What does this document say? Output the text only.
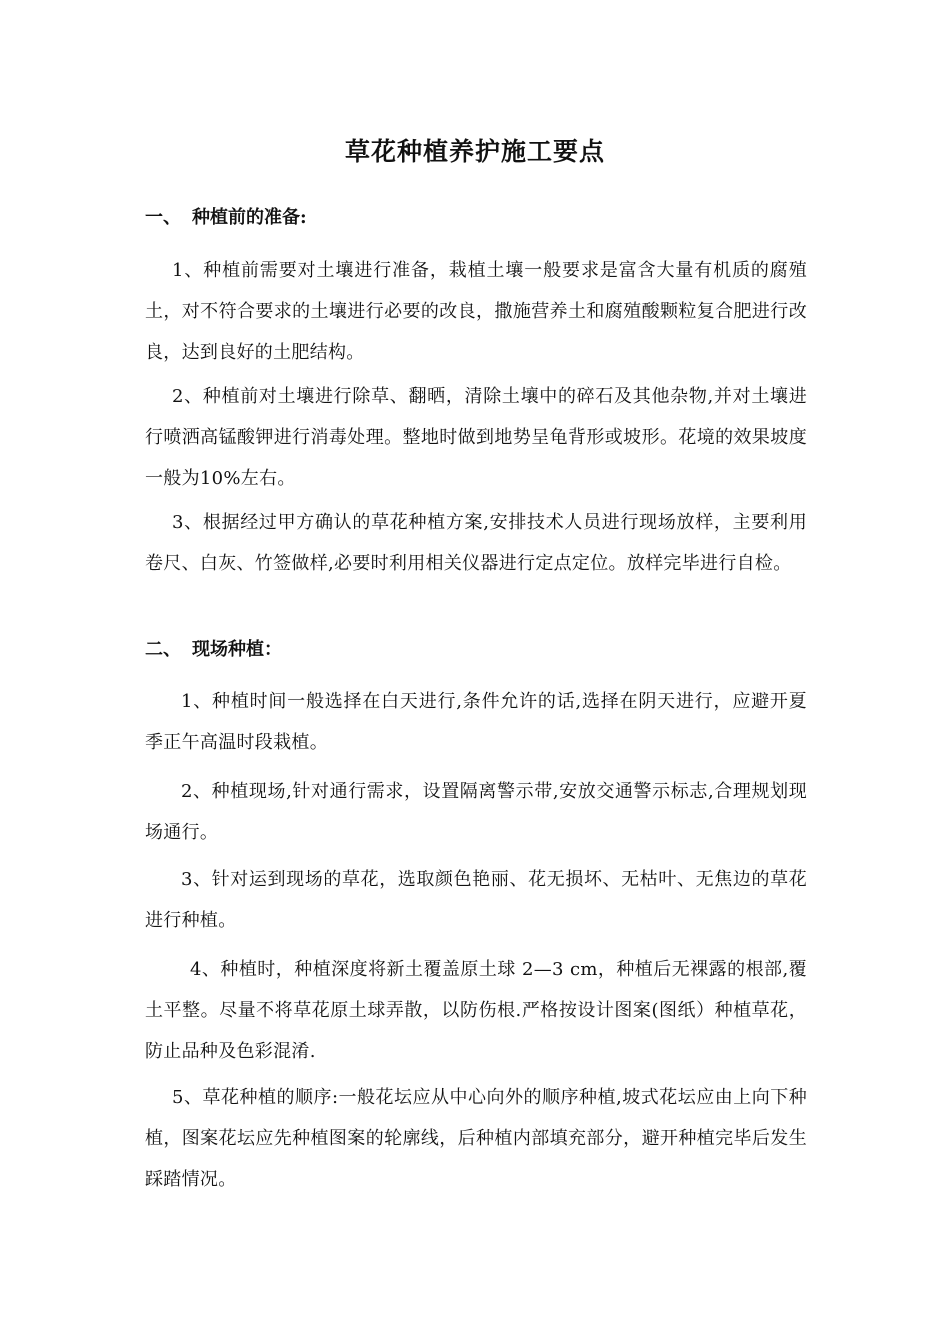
草花种植养护施工要点
一、 种植前的准备:

1、种植前需要对土壤进行准备，栽植土壤一般要求是富含大量有机质的腐殖土，对不符合要求的土壤进行必要的改良，撒施营养土和腐殖酸颗粒复合肥进行改良，达到良好的土肥结构。

2、种植前对土壤进行除草、翻晒，清除土壤中的碎石及其他杂物,并对土壤进行喷洒高锰酸钾进行消毒处理。整地时做到地势呈龟背形或坡形。花境的效果坡度一般为10%左右。

3、根据经过甲方确认的草花种植方案,安排技术人员进行现场放样，主要利用卷尺、白灰、竹签做样,必要时利用相关仪器进行定点定位。放样完毕进行自检。

二、 现场种植：

1、种植时间一般选择在白天进行,条件允许的话,选择在阴天进行，应避开夏季正午高温时段栽植。

2、种植现场,针对通行需求，设置隔离警示带,安放交通警示标志,合理规划现场通行。

3、针对运到现场的草花，选取颜色艳丽、花无损坏、无枯叶、无焦边的草花进行种植。

4、种植时，种植深度将新土覆盖原土球 2—3 cm，种植后无裸露的根部,覆土平整。尽量不将草花原土球弄散，以防伤根.严格按设计图案(图纸）种植草花，防止品种及色彩混淆.

5、草花种植的顺序:一般花坛应从中心向外的顺序种植,坡式花坛应由上向下种植，图案花坛应先种植图案的轮廓线，后种植内部填充部分，避开种植完毕后发生踩踏情况。
